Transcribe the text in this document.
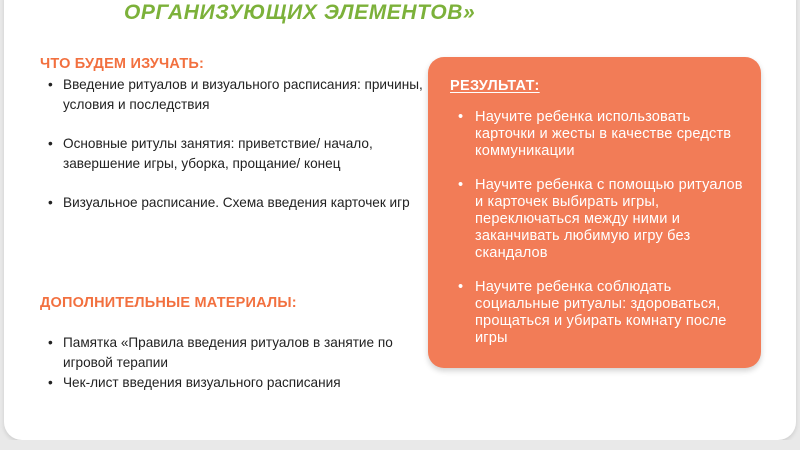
ОРГАНИЗУЮЩИХ ЭЛЕМЕНТОВ»
ЧТО БУДЕМ ИЗУЧАТЬ:
• Введение ритуалов и визуального расписания: причины, условия и последствия
• Основные ритулы занятия: приветствие/ начало, завершение игры, уборка, прощание/ конец
• Визуальное расписание. Схема введения карточек игр
ДОПОЛНИТЕЛЬНЫЕ МАТЕРИАЛЫ:
• Памятка «Правила введения ритуалов в занятие по игровой терапии
• Чек-лист введения визуального расписания
РЕЗУЛЬТАТ:
• Научите ребенка использовать карточки и жесты в качестве средств коммуникации
• Научите ребенка с помощью ритуалов и карточек выбирать игры, переключаться между ними и заканчивать любимую игру без скандалов
• Научите ребенка соблюдать социальные ритуалы: здороваться, прощаться и убирать комнату после игры
